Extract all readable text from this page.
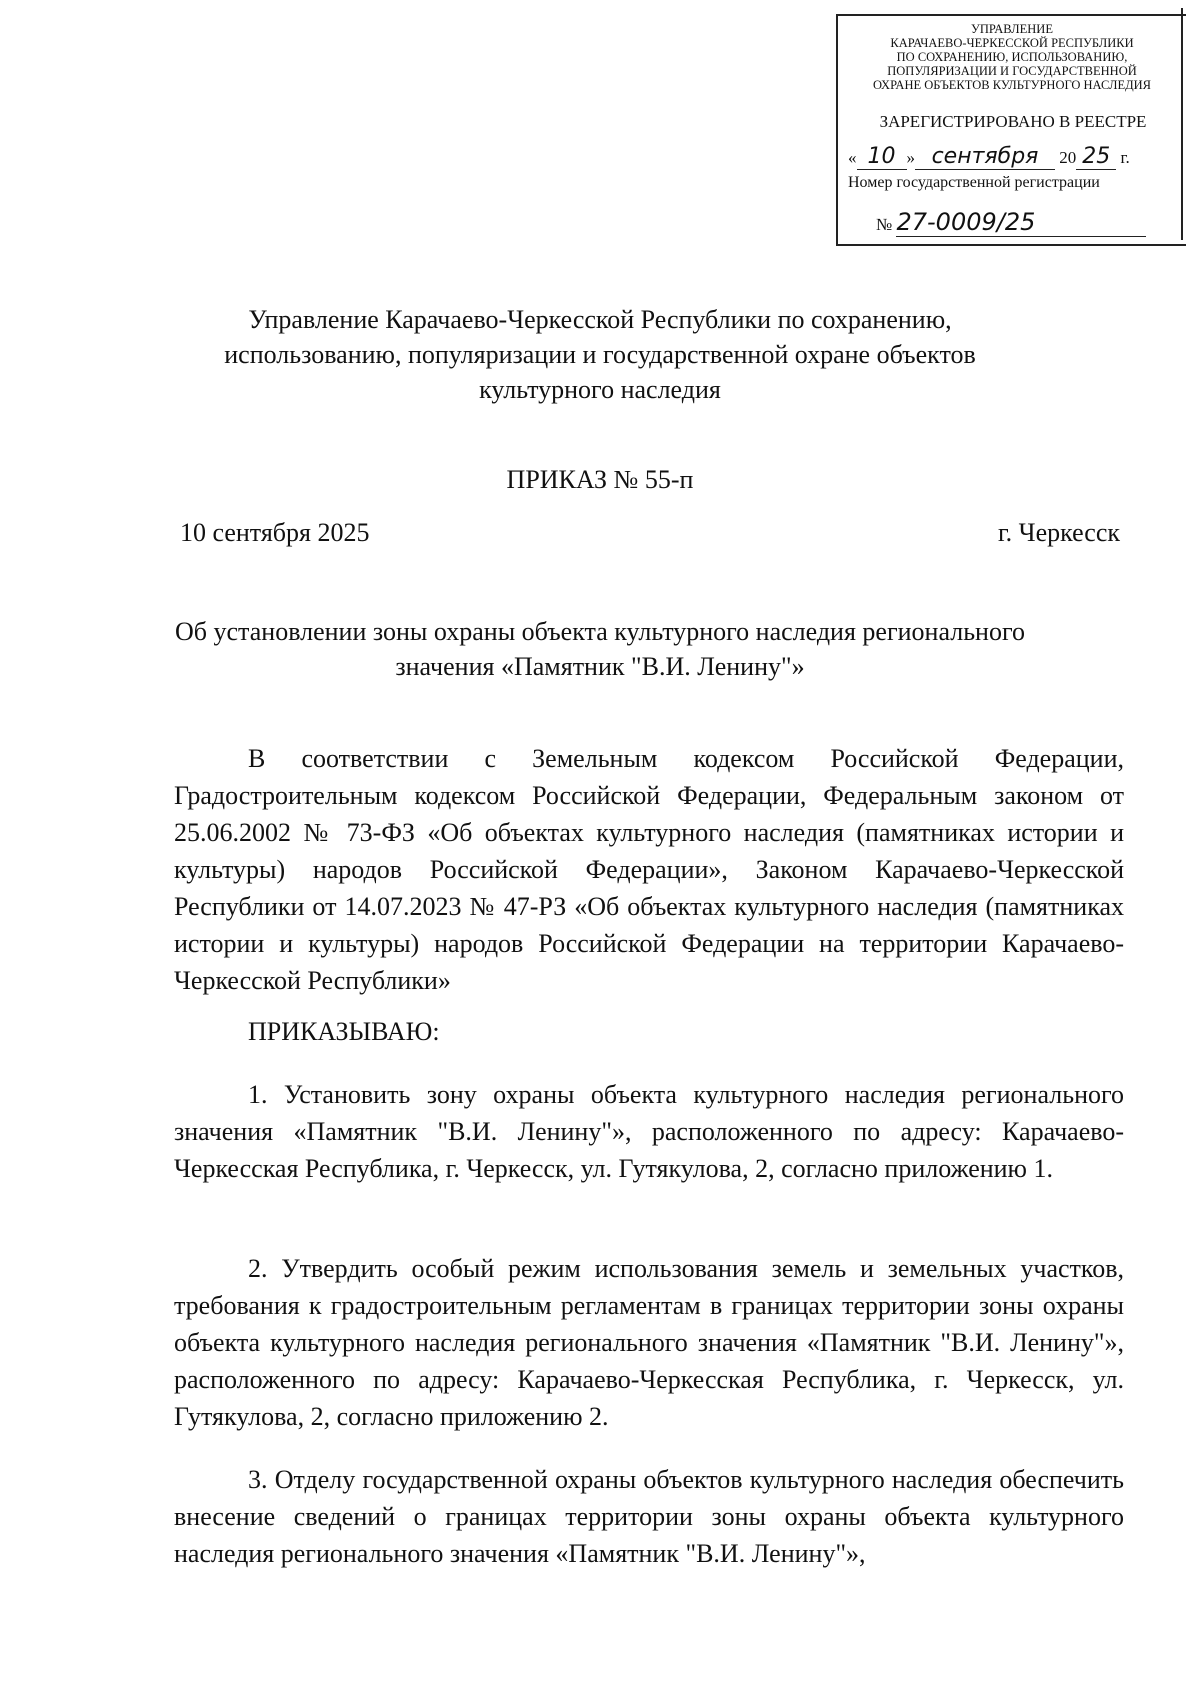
УПРАВЛЕНИЕ
КАРАЧАЕВО-ЧЕРКЕССКОЙ РЕСПУБЛИКИ
ПО СОХРАНЕНИЮ, ИСПОЛЬЗОВАНИЮ,
ПОПУЛЯРИЗАЦИИ И ГОСУДАРСТВЕННОЙ
ОХРАНЕ ОБЪЕКТОВ КУЛЬТУРНОГО НАСЛЕДИЯ
ЗАРЕГИСТРИРОВАНО В РЕЕСТРЕ
« 10 » сентября 20 25 г.
Номер государственной регистрации
№ 27-0009/25
Управление Карачаево-Черкесской Республики по сохранению, использованию, популяризации и государственной охране объектов культурного наследия
ПРИКАЗ № 55-п
10 сентября 2025	г. Черкесск
Об установлении зоны охраны объекта культурного наследия регионального значения «Памятник "В.И. Ленину"»
В соответствии с Земельным кодексом Российской Федерации, Градостроительным кодексом Российской Федерации, Федеральным законом от 25.06.2002 № 73-ФЗ «Об объектах культурного наследия (памятниках истории и культуры) народов Российской Федерации», Законом Карачаево-Черкесской Республики от 14.07.2023 № 47-РЗ «Об объектах культурного наследия (памятниках истории и культуры) народов Российской Федерации на территории Карачаево-Черкесской Республики»
ПРИКАЗЫВАЮ:
1. Установить зону охраны объекта культурного наследия регионального значения «Памятник "В.И. Ленину"», расположенного по адресу: Карачаево-Черкесская Республика, г. Черкесск, ул. Гутякулова, 2, согласно приложению 1.
2. Утвердить особый режим использования земель и земельных участков, требования к градостроительным регламентам в границах территории зоны охраны объекта культурного наследия регионального значения «Памятник "В.И. Ленину"», расположенного по адресу: Карачаево-Черкесская Республика, г. Черкесск, ул. Гутякулова, 2, согласно приложению 2.
3. Отделу государственной охраны объектов культурного наследия обеспечить внесение сведений о границах территории зоны охраны объекта культурного наследия регионального значения «Памятник "В.И. Ленину"»,
